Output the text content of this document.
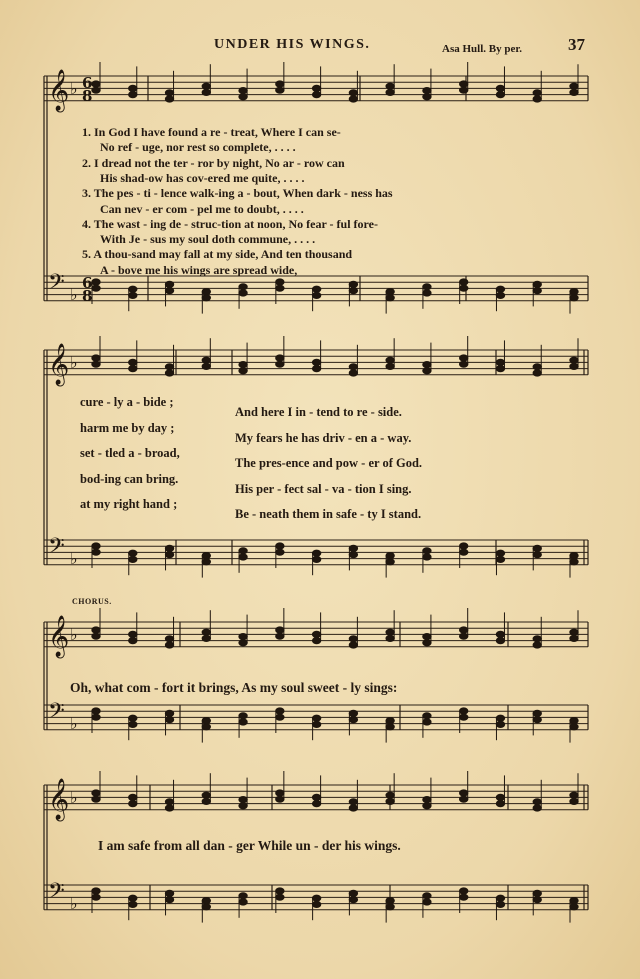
UNDER HIS WINGS.	Asa Hull. By per.	37
CHORUS.
𝄞 ♭
𝄢 ♭
𝄞 ♭
𝄢 ♭
𝄞 ♭
𝄢 ♭
𝄞 ♭
𝄢 ♭
6
8
6
8
1. In God I have found a re - treat, Where I can se-
No ref - uge, nor rest so complete, . . . .
2. I dread not the ter - ror by night, No ar - row can
His shad-ow has cov-ered me quite, . . . .
3. The pes - ti - lence walk-ing a - bout, When dark - ness has
Can nev - er com - pel me to doubt, . . . .
4. The wast - ing de - struc-tion at noon, No fear - ful fore-
With Je - sus my soul doth commune, . . . .
5. A thou-sand may fall at my side, And ten thousand
A - bove me his wings are spread wide,
cure - ly a - bide ;
harm me by day ;
set - tled a - broad,
bod-ing can bring.
at my right hand ;
And here I in - tend to re - side.
My fears he has driv - en a - way.
The pres-ence and pow - er of God.
His per - fect sal - va - tion I sing.
Be - neath them in safe - ty I stand.
Oh, what com - fort it brings, As my soul sweet - ly sings:
I am safe from all dan - ger While un - der his wings.
